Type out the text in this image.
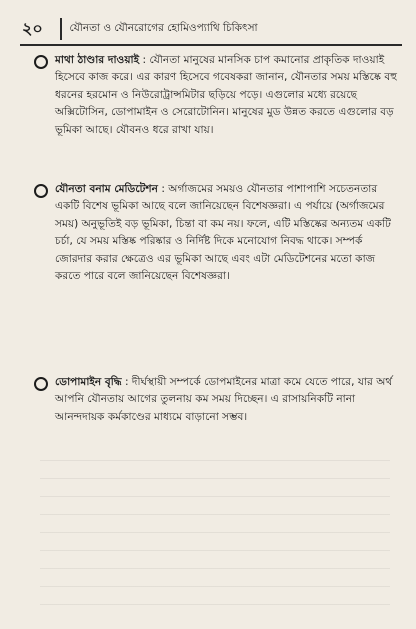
২০	যৌনতা ও যৌনরোগের হোমিওপ্যাথি চিকিৎসা
মাথা ঠাণ্ডার দাওয়াই : যৌনতা মানুষের মানসিক চাপ কমানোর প্রাকৃতিক দাওয়াই হিসেবে কাজ করে। এর কারণ হিসেবে গবেষকরা জানান, যৌনতার সময় মস্তিষ্কে বহু ধরনের হরমোন ও নিউরোট্রান্সমিটার ছড়িয়ে পড়ে। এগুলোর মধ্যে রয়েছে অক্সিটোসিন, ডোপামাইন ও সেরোটোনিন। মানুষের মুড উন্নত করতে এগুলোর বড় ভূমিকা আছে। যৌবনও ধরে রাখা যায়।
যৌনতা বনাম মেডিটেশন : অর্গাজমের সময়ও যৌনতার পাশাপাশি সচেতনতার একটি বিশেষ ভূমিকা আছে বলে জানিয়েছেন বিশেষজ্ঞরা। এ পর্যায়ে (অর্গাজমের সময়) অনুভূতিই বড় ভূমিকা, চিন্তা বা কম নয়। ফলে, এটি মস্তিষ্কের অন্যতম একটি চর্চা, যে সময় মস্তিষ্ক পরিষ্কার ও নির্দিষ্ট দিকে মনোযোগ নিবদ্ধ থাকে। সম্পর্ক জোরদার করার ক্ষেত্রেও এর ভূমিকা আছে এবং এটা মেডিটেশনের মতো কাজ করতে পারে বলে জানিয়েছেন বিশেষজ্ঞরা।
ডোপামাইন বৃদ্ধি : দীর্ঘস্থায়ী সম্পর্কে ডোপমাইনের মাত্রা কমে যেতে পারে, যার অর্থ আপনি যৌনতায় আগের তুলনায় কম সময় দিচ্ছেন। এ রাসায়নিকটি নানা আনন্দদায়ক কর্মকাণ্ডের মাধ্যমে বাড়ানো সম্ভব।
